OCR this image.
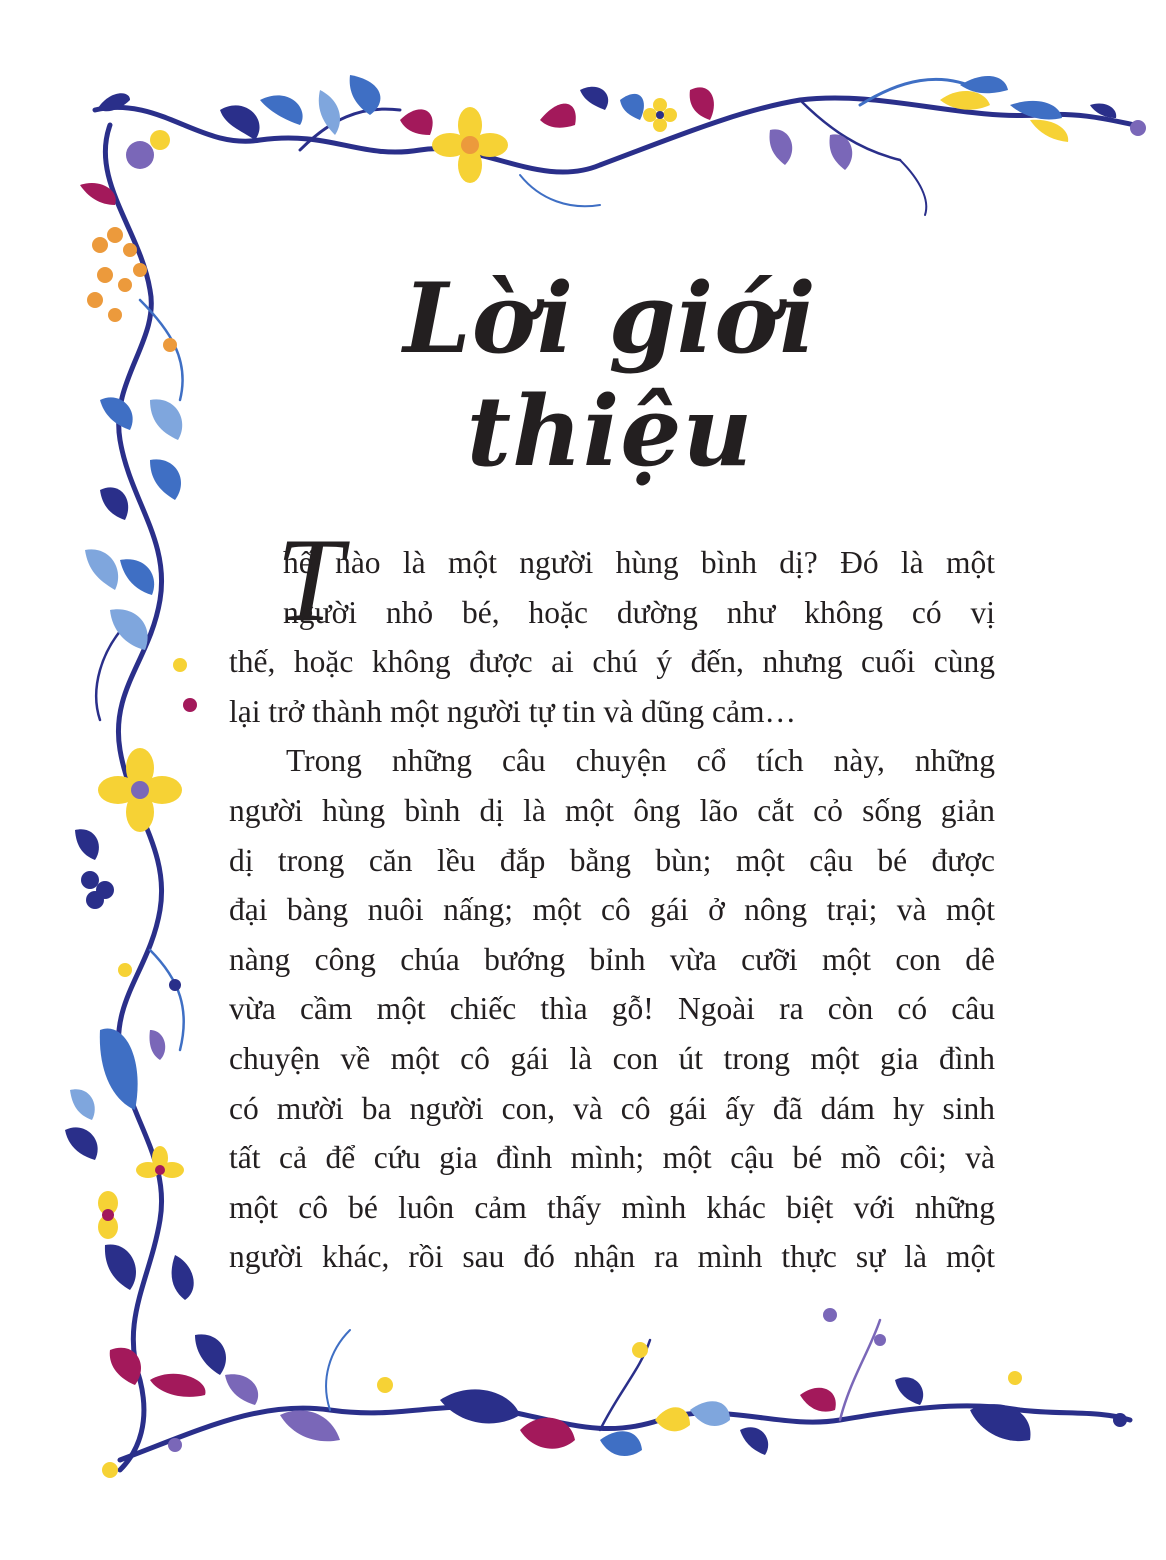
Lời giới thiệu
T

hế nào là một người hùng bình dị? Đó là một
người nhỏ bé, hoặc dường như không có vị
thế, hoặc không được ai chú ý đến, nhưng cuối cùng
lại trở thành một người tự tin và dũng cảm…

Trong những câu chuyện cổ tích này, những
người hùng bình dị là một ông lão cắt cỏ sống giản
dị trong căn lều đắp bằng bùn; một cậu bé được
đại bàng nuôi nấng; một cô gái ở nông trại; và một
nàng công chúa bướng bỉnh vừa cưỡi một con dê
vừa cầm một chiếc thìa gỗ! Ngoài ra còn có câu
chuyện về một cô gái là con út trong một gia đình
có mười ba người con, và cô gái ấy đã dám hy sinh
tất cả để cứu gia đình mình; một cậu bé mồ côi; và
một cô bé luôn cảm thấy mình khác biệt với những
người khác, rồi sau đó nhận ra mình thực sự là một
